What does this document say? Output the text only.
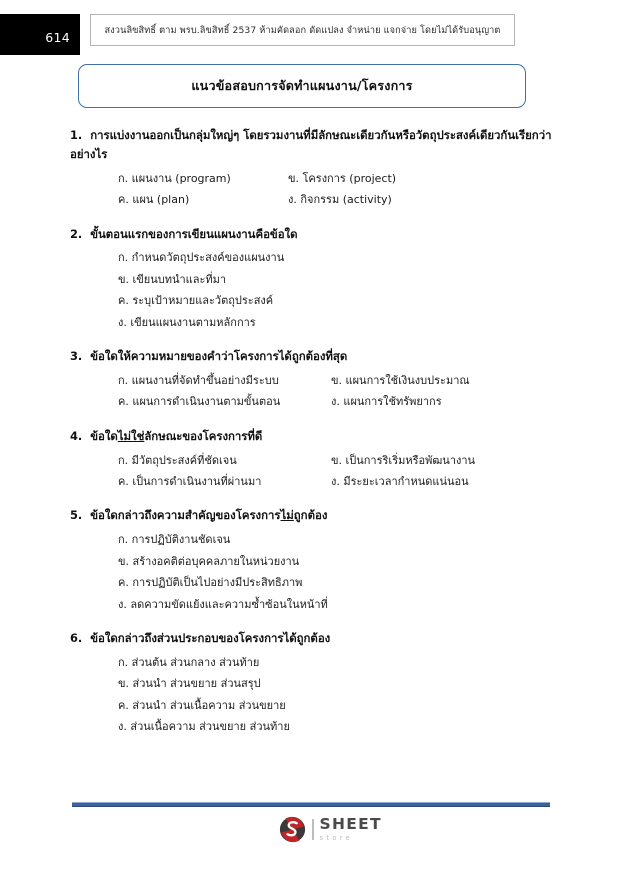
614	สงวนลิขสิทธิ์ ตาม พรบ.ลิขสิทธิ์ 2537 ห้ามคัดลอก ดัดแปลง จำหน่าย แจกจ่าย โดยไม่ได้รับอนุญาต
แนวข้อสอบการจัดทำแผนงาน/โครงการ
1. การแบ่งงานออกเป็นกลุ่มใหญ่ๆ โดยรวมงานที่มีลักษณะเดียวกันหรือวัตถุประสงค์เดียวกันเรียกว่าอย่างไร
ก. แผนงาน (program)	ข. โครงการ (project)
ค. แผน (plan)	ง. กิจกรรม (activity)
2. ขั้นตอนแรกของการเขียนแผนงานคือข้อใด
ก. กำหนดวัตถุประสงค์ของแผนงาน
ข. เขียนบทนำและที่มา
ค. ระบุเป้าหมายและวัตถุประสงค์
ง. เขียนแผนงานตามหลักการ
3. ข้อใดให้ความหมายของคำว่าโครงการได้ถูกต้องที่สุด
ก. แผนงานที่จัดทำขึ้นอย่างมีระบบ	ข. แผนการใช้เงินงบประมาณ
ค. แผนการดำเนินงานตามขั้นตอน	ง. แผนการใช้ทรัพยากร
4. ข้อใดไม่ใช่ลักษณะของโครงการที่ดี
ก. มีวัตถุประสงค์ที่ชัดเจน	ข. เป็นการริเริ่มหรือพัฒนางาน
ค. เป็นการดำเนินงานที่ผ่านมา	ง. มีระยะเวลากำหนดแน่นอน
5. ข้อใดกล่าวถึงความสำคัญของโครงการไม่ถูกต้อง
ก. การปฏิบัติงานชัดเจน
ข. สร้างอคติต่อบุคคลภายในหน่วยงาน
ค. การปฏิบัติเป็นไปอย่างมีประสิทธิภาพ
ง. ลดความขัดแย้งและความซ้ำซ้อนในหน้าที่
6. ข้อใดกล่าวถึงส่วนประกอบของโครงการได้ถูกต้อง
ก. ส่วนต้น ส่วนกลาง ส่วนท้าย
ข. ส่วนนำ ส่วนขยาย ส่วนสรุป
ค. ส่วนนำ ส่วนเนื้อความ ส่วนขยาย
ง. ส่วนเนื้อความ ส่วนขยาย ส่วนท้าย
SHEET
store
